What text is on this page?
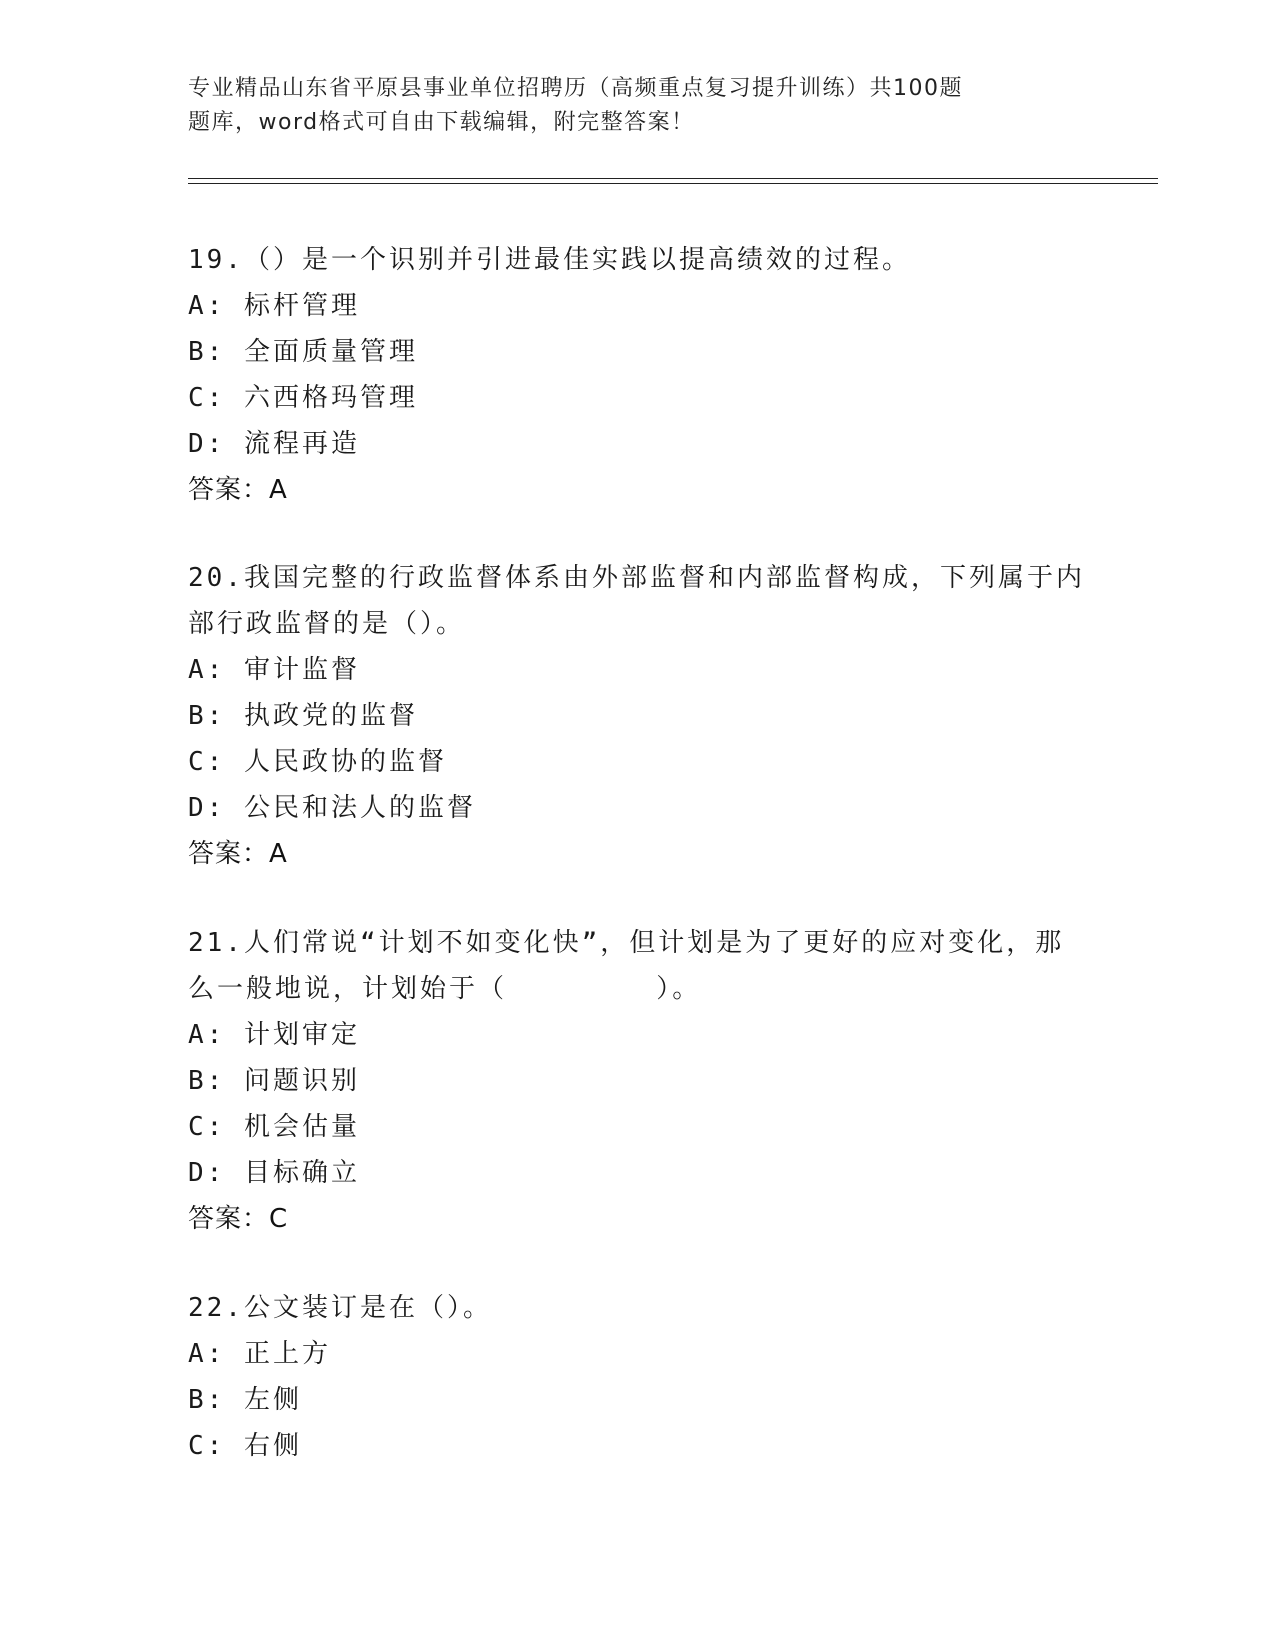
专业精品山东省平原县事业单位招聘历（高频重点复习提升训练）共100题
题库，word格式可自由下载编辑，附完整答案！

19.（）是一个识别并引进最佳实践以提高绩效的过程。

A: 标杆管理

B: 全面质量管理

C: 六西格玛管理

D: 流程再造

答案：A

20.我国完整的行政监督体系由外部监督和内部监督构成，下列属于内

部行政监督的是（）。

A: 审计监督

B: 执政党的监督

C: 人民政协的监督

D: 公民和法人的监督

答案：A

21.人们常说“计划不如变化快”，但计划是为了更好的应对变化，那

么一般地说，计划始于（        ）。

A: 计划审定

B: 问题识别

C: 机会估量

D: 目标确立

答案：C

22.公文装订是在（）。

A: 正上方

B: 左侧

C: 右侧
